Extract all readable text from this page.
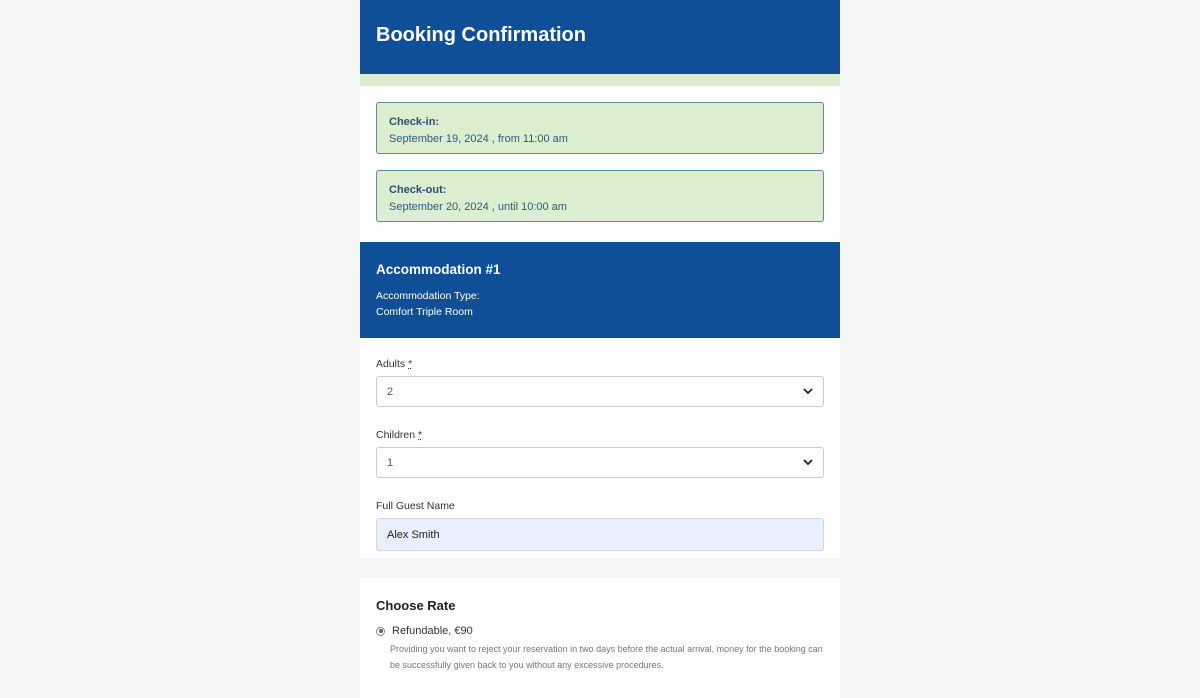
Booking Confirmation
Check-in:
September 19, 2024 , from 11:00 am
Check-out:
September 20, 2024 , until 10:00 am
Accommodation #1
Accommodation Type:
Comfort Triple Room
Adults *
2
Children *
1
Full Guest Name
Alex Smith
Choose Rate
Refundable, €90
Providing you want to reject your reservation in two days before the actual arrival, money for the booking can be successfully given back to you without any excessive procedures.
